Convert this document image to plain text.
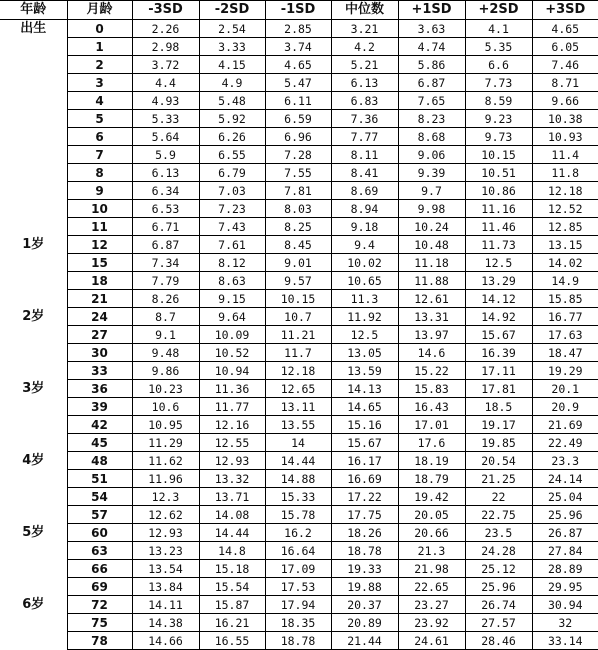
年龄	月龄	-3SD	-2SD	-1SD	中位数	+1SD	+2SD	+3SD
出生	0	2.26	2.54	2.85	3.21	3.63	4.1	4.65
	1	2.98	3.33	3.74	4.2	4.74	5.35	6.05
	2	3.72	4.15	4.65	5.21	5.86	6.6	7.46
	3	4.4	4.9	5.47	6.13	6.87	7.73	8.71
	4	4.93	5.48	6.11	6.83	7.65	8.59	9.66
	5	5.33	5.92	6.59	7.36	8.23	9.23	10.38
	6	5.64	6.26	6.96	7.77	8.68	9.73	10.93
	7	5.9	6.55	7.28	8.11	9.06	10.15	11.4
	8	6.13	6.79	7.55	8.41	9.39	10.51	11.8
	9	6.34	7.03	7.81	8.69	9.7	10.86	12.18
	10	6.53	7.23	8.03	8.94	9.98	11.16	12.52
	11	6.71	7.43	8.25	9.18	10.24	11.46	12.85
1岁	12	6.87	7.61	8.45	9.4	10.48	11.73	13.15
	15	7.34	8.12	9.01	10.02	11.18	12.5	14.02
	18	7.79	8.63	9.57	10.65	11.88	13.29	14.9
	21	8.26	9.15	10.15	11.3	12.61	14.12	15.85
2岁	24	8.7	9.64	10.7	11.92	13.31	14.92	16.77
	27	9.1	10.09	11.21	12.5	13.97	15.67	17.63
	30	9.48	10.52	11.7	13.05	14.6	16.39	18.47
	33	9.86	10.94	12.18	13.59	15.22	17.11	19.29
3岁	36	10.23	11.36	12.65	14.13	15.83	17.81	20.1
	39	10.6	11.77	13.11	14.65	16.43	18.5	20.9
	42	10.95	12.16	13.55	15.16	17.01	19.17	21.69
	45	11.29	12.55	14	15.67	17.6	19.85	22.49
4岁	48	11.62	12.93	14.44	16.17	18.19	20.54	23.3
	51	11.96	13.32	14.88	16.69	18.79	21.25	24.14
	54	12.3	13.71	15.33	17.22	19.42	22	25.04
	57	12.62	14.08	15.78	17.75	20.05	22.75	25.96
5岁	60	12.93	14.44	16.2	18.26	20.66	23.5	26.87
	63	13.23	14.8	16.64	18.78	21.3	24.28	27.84
	66	13.54	15.18	17.09	19.33	21.98	25.12	28.89
	69	13.84	15.54	17.53	19.88	22.65	25.96	29.95
6岁	72	14.11	15.87	17.94	20.37	23.27	26.74	30.94
	75	14.38	16.21	18.35	20.89	23.92	27.57	32
	78	14.66	16.55	18.78	21.44	24.61	28.46	33.14
